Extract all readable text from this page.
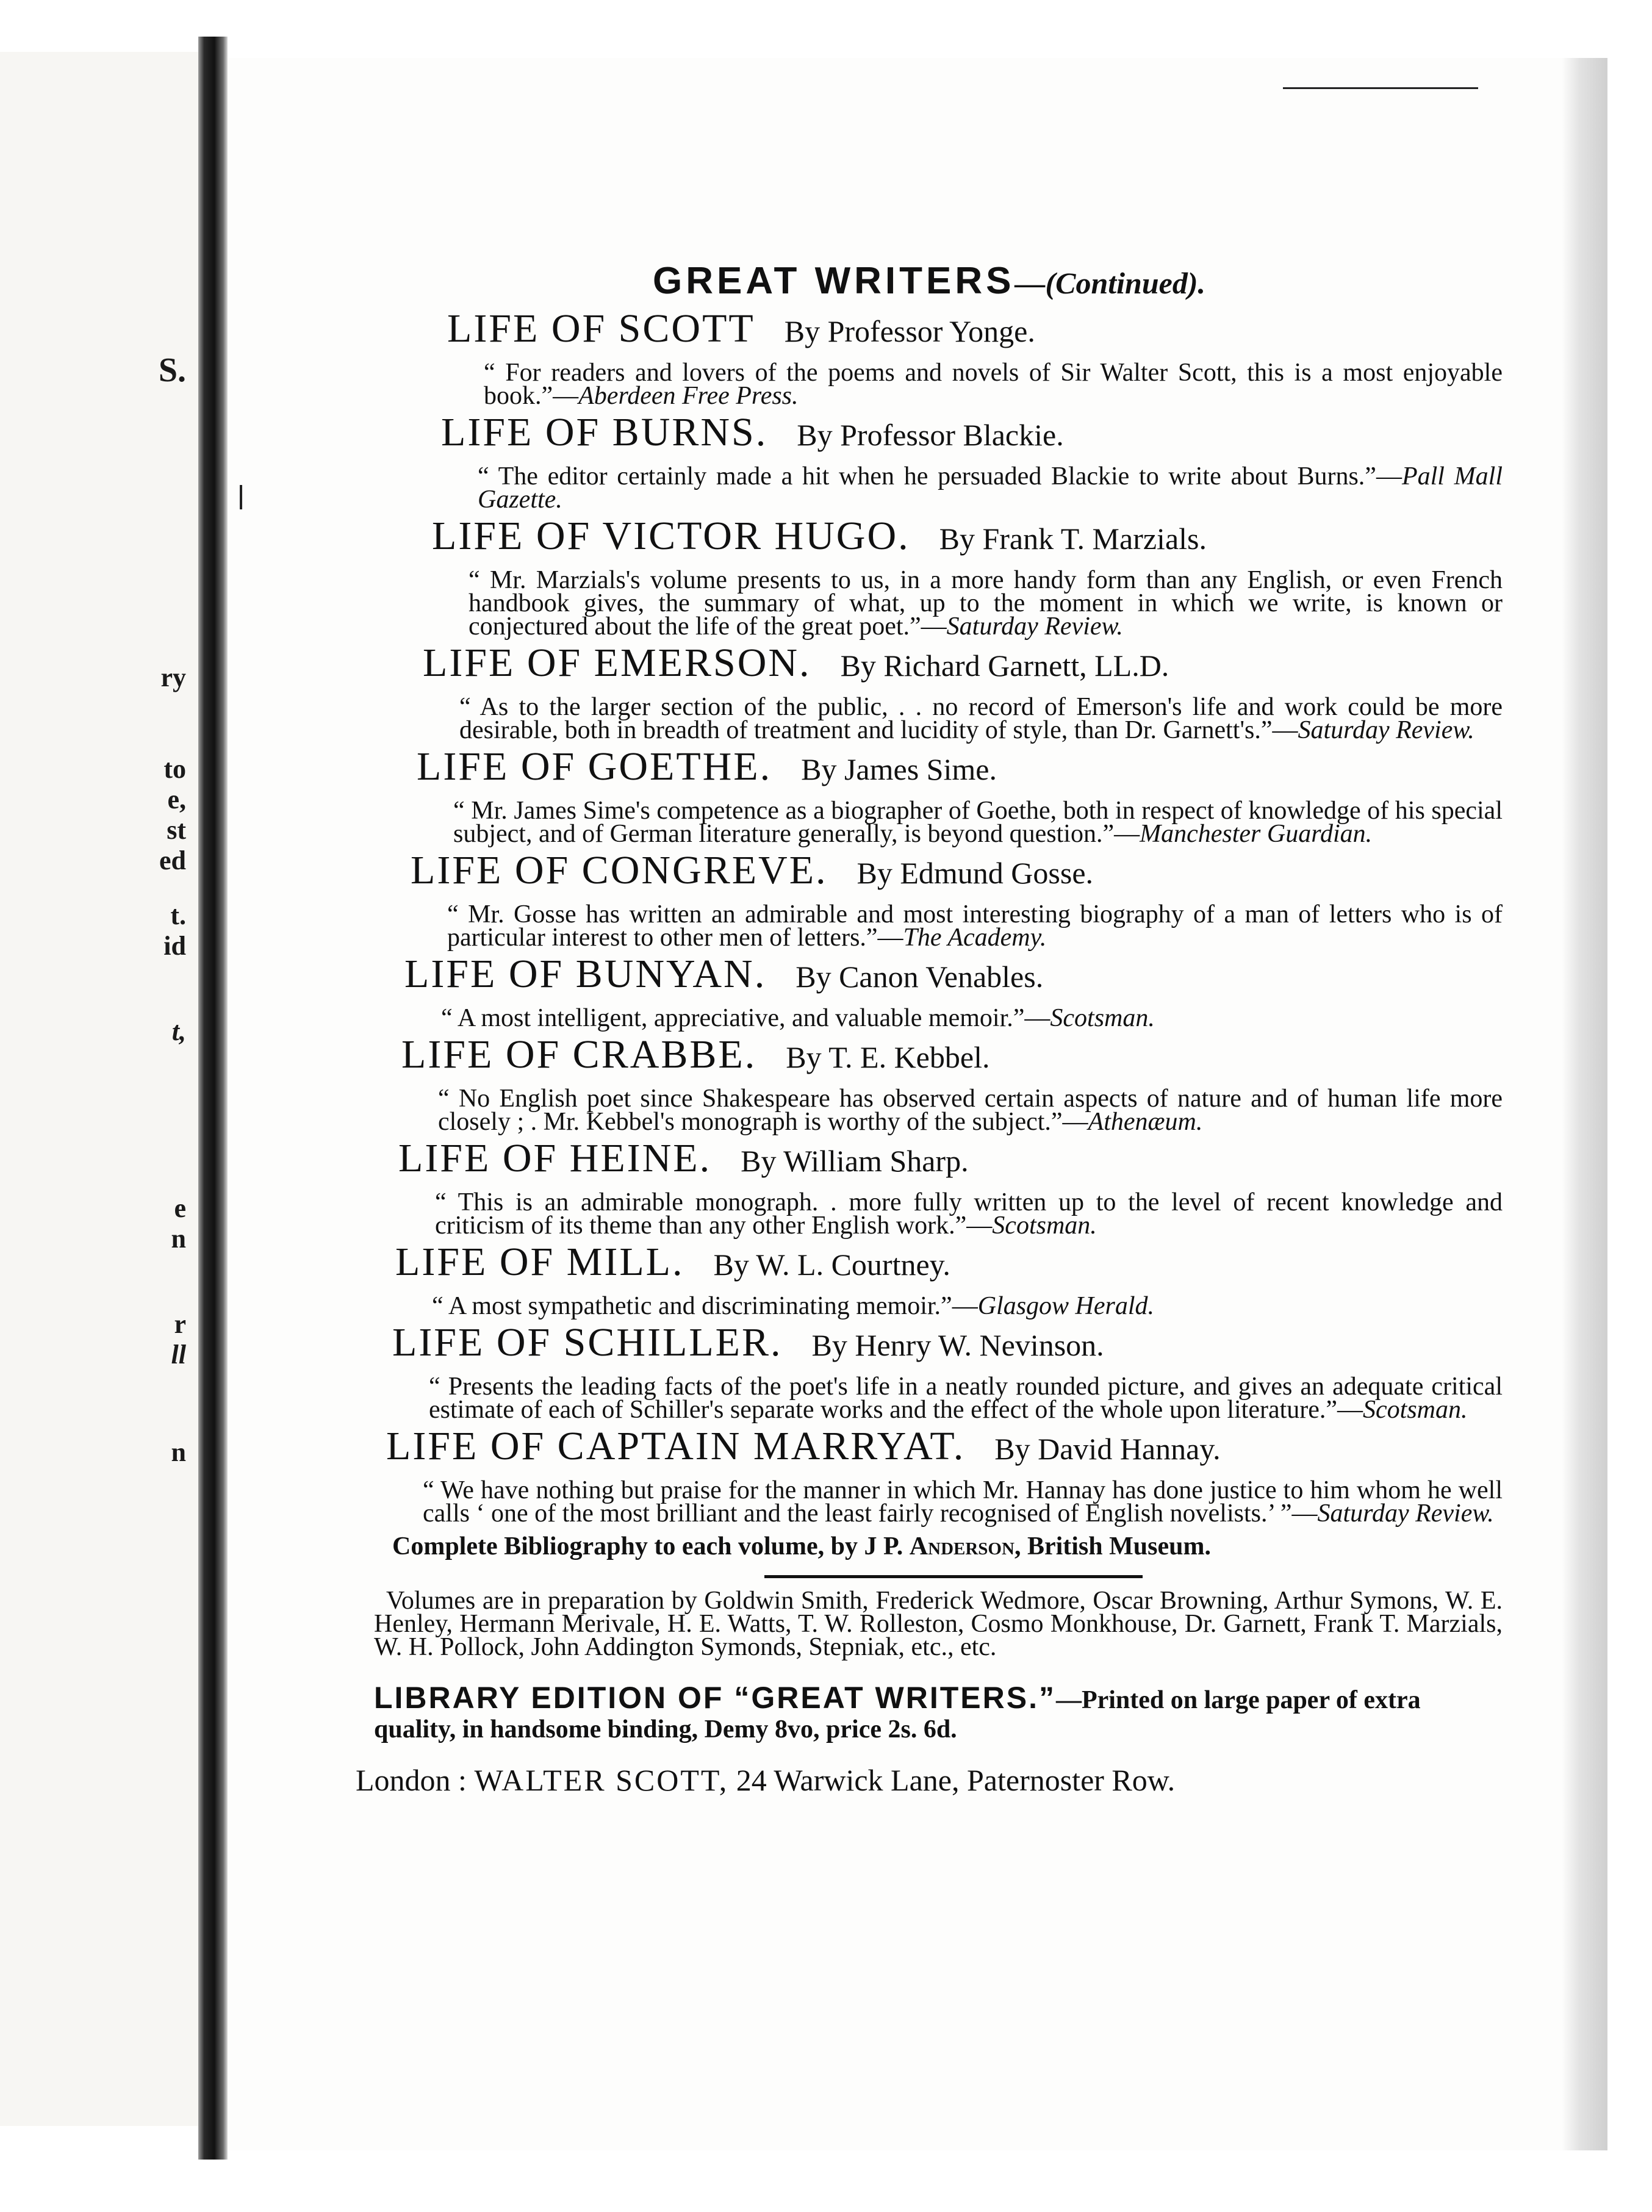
S.
ry
to
e,
st
ed
t.
id
t,
e
n
r
ll
n
GREAT WRITERS—(Continued).
LIFE OF SCOTT By Professor Yonge.
“ For readers and lovers of the poems and novels of Sir Walter Scott, this is a most enjoyable book.”—Aberdeen Free Press.
LIFE OF BURNS. By Professor Blackie.
“ The editor certainly made a hit when he persuaded Blackie to write about Burns.”—Pall Mall Gazette.
LIFE OF VICTOR HUGO. By Frank T. Marzials.
“ Mr. Marzials's volume presents to us, in a more handy form than any English, or even French handbook gives, the summary of what, up to the moment in which we write, is known or conjectured about the life of the great poet.”—Saturday Review.
LIFE OF EMERSON. By Richard Garnett, LL.D.
“ As to the larger section of the public, . . no record of Emerson's life and work could be more desirable, both in breadth of treatment and lucidity of style, than Dr. Garnett's.”—Saturday Review.
LIFE OF GOETHE. By James Sime.
“ Mr. James Sime's competence as a biographer of Goethe, both in respect of knowledge of his special subject, and of German literature generally, is beyond question.”—Manchester Guardian.
LIFE OF CONGREVE. By Edmund Gosse.
“ Mr. Gosse has written an admirable and most interesting biography of a man of letters who is of particular interest to other men of letters.”—The Academy.
LIFE OF BUNYAN. By Canon Venables.
“ A most intelligent, appreciative, and valuable memoir.”—Scotsman.
LIFE OF CRABBE. By T. E. Kebbel.
“ No English poet since Shakespeare has observed certain aspects of nature and of human life more closely ; . Mr. Kebbel's monograph is worthy of the subject.”—Athenæum.
LIFE OF HEINE. By William Sharp.
“ This is an admirable monograph. . more fully written up to the level of recent knowledge and criticism of its theme than any other English work.”—Scotsman.
LIFE OF MILL. By W. L. Courtney.
“ A most sympathetic and discriminating memoir.”—Glasgow Herald.
LIFE OF SCHILLER. By Henry W. Nevinson.
“ Presents the leading facts of the poet's life in a neatly rounded picture, and gives an adequate critical estimate of each of Schiller's separate works and the effect of the whole upon literature.”—Scotsman.
LIFE OF CAPTAIN MARRYAT. By David Hannay.
“ We have nothing but praise for the manner in which Mr. Hannay has done justice to him whom he well calls ‘ one of the most brilliant and the least fairly recognised of English novelists.’ ”—Saturday Review.
Complete Bibliography to each volume, by J P. Anderson, British Museum.
Volumes are in preparation by Goldwin Smith, Frederick Wedmore, Oscar Browning, Arthur Symons, W. E. Henley, Hermann Merivale, H. E. Watts, T. W. Rolleston, Cosmo Monkhouse, Dr. Garnett, Frank T. Marzials, W. H. Pollock, John Addington Symonds, Stepniak, etc., etc.
LIBRARY EDITION OF “GREAT WRITERS.”—Printed on large paper of extra quality, in handsome binding, Demy 8vo, price 2s. 6d.
London : WALTER SCOTT, 24 Warwick Lane, Paternoster Row.
